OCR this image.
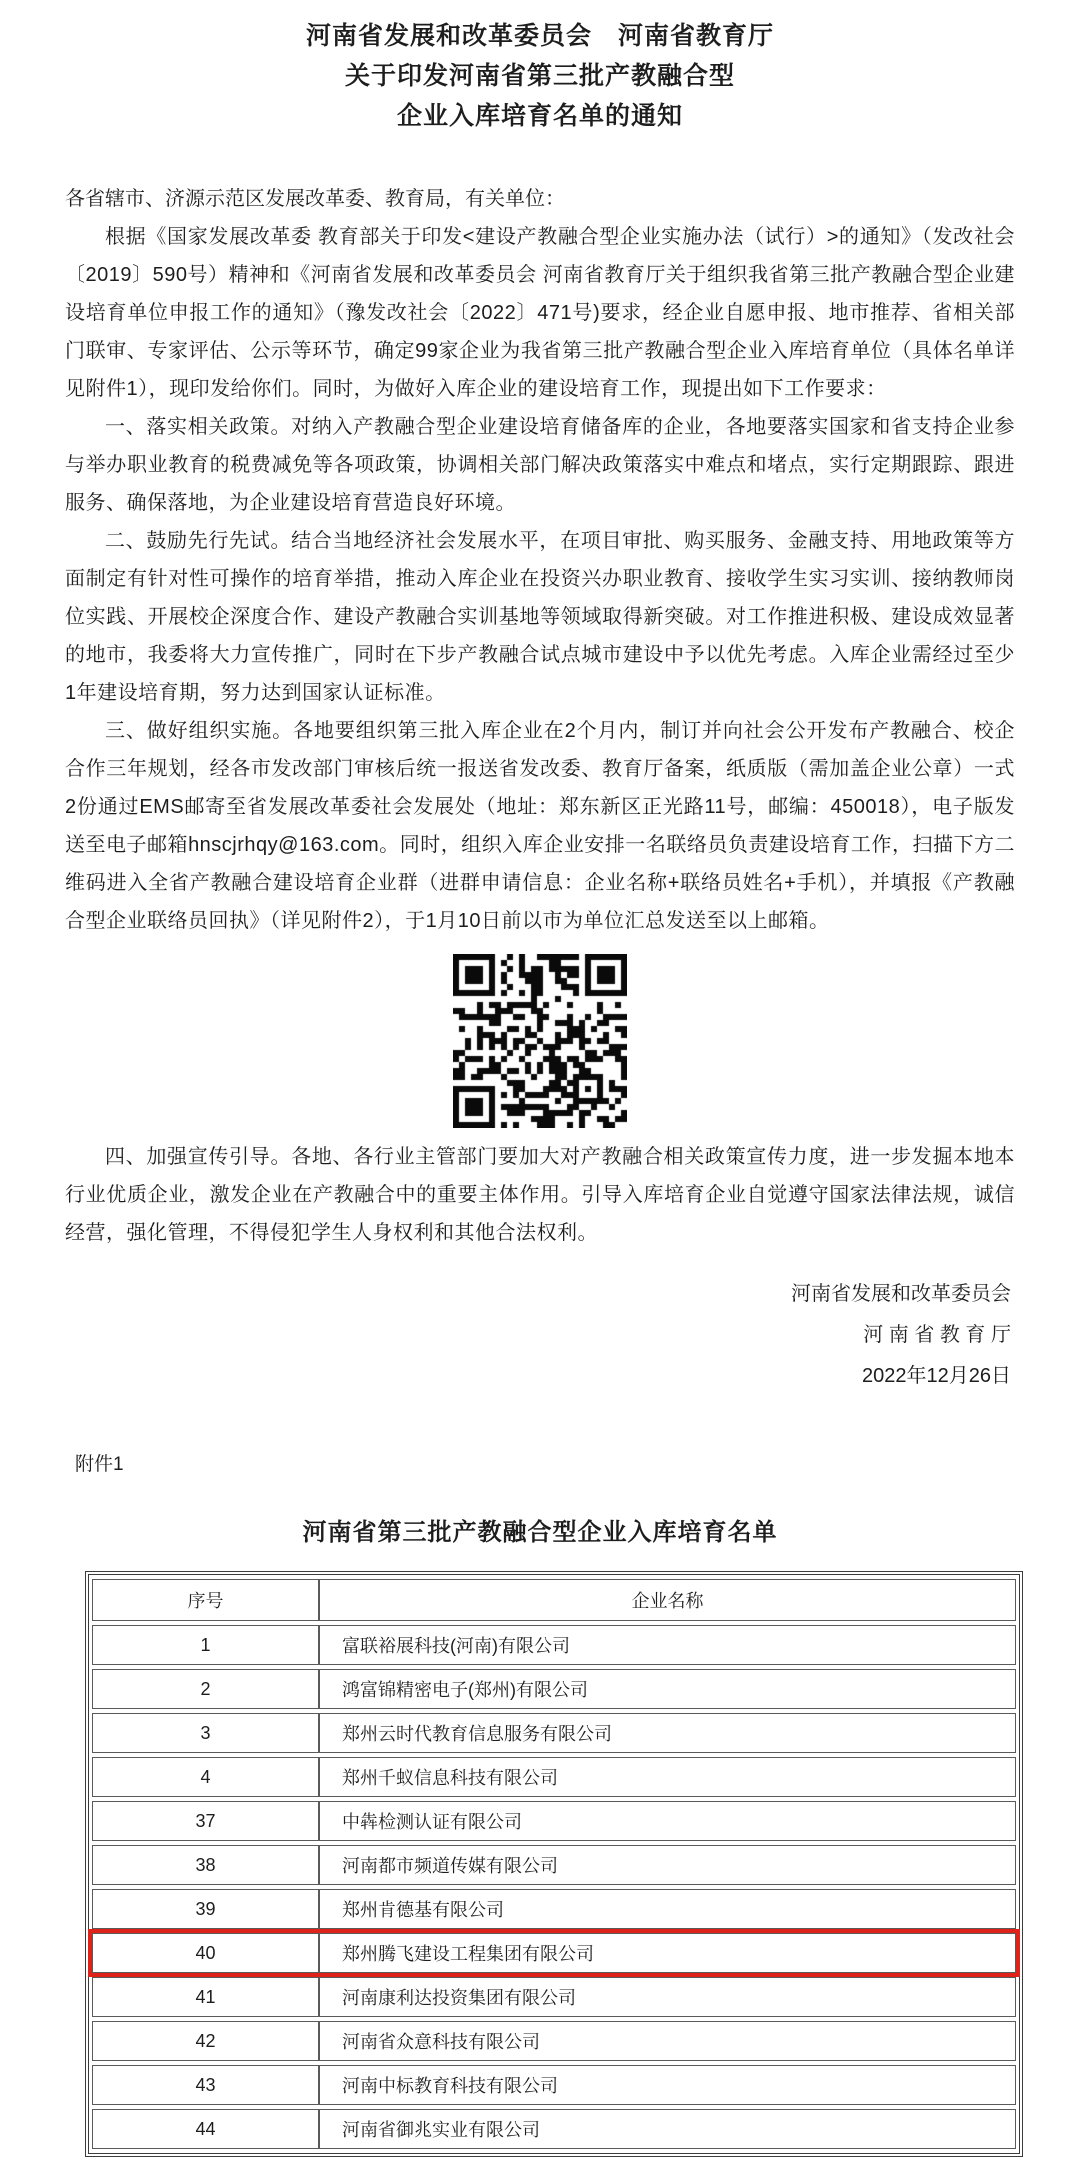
河南省发展和改革委员会　河南省教育厅
关于印发河南省第三批产教融合型
企业入库培育名单的通知
各省辖市、济源示范区发展改革委、教育局，有关单位：

根据《国家发展改革委 教育部关于印发<建设产教融合型企业实施办法（试行）>的通知》（发改社会〔2019〕590号）精神和《河南省发展和改革委员会 河南省教育厅关于组织我省第三批产教融合型企业建设培育单位申报工作的通知》（豫发改社会〔2022〕471号)要求，经企业自愿申报、地市推荐、省相关部门联审、专家评估、公示等环节，确定99家企业为我省第三批产教融合型企业入库培育单位（具体名单详见附件1），现印发给你们。同时，为做好入库企业的建设培育工作，现提出如下工作要求：

一、落实相关政策。对纳入产教融合型企业建设培育储备库的企业，各地要落实国家和省支持企业参与举办职业教育的税费减免等各项政策，协调相关部门解决政策落实中难点和堵点，实行定期跟踪、跟进服务、确保落地，为企业建设培育营造良好环境。

二、鼓励先行先试。结合当地经济社会发展水平，在项目审批、购买服务、金融支持、用地政策等方面制定有针对性可操作的培育举措，推动入库企业在投资兴办职业教育、接收学生实习实训、接纳教师岗位实践、开展校企深度合作、建设产教融合实训基地等领域取得新突破。对工作推进积极、建设成效显著的地市，我委将大力宣传推广，同时在下步产教融合试点城市建设中予以优先考虑。入库企业需经过至少1年建设培育期，努力达到国家认证标准。

三、做好组织实施。各地要组织第三批入库企业在2个月内，制订并向社会公开发布产教融合、校企合作三年规划，经各市发改部门审核后统一报送省发改委、教育厅备案，纸质版（需加盖企业公章）一式2份通过EMS邮寄至省发展改革委社会发展处（地址：郑东新区正光路11号，邮编：450018），电子版发送至电子邮箱hnscjrhqy@163.com。同时，组织入库企业安排一名联络员负责建设培育工作，扫描下方二维码进入全省产教融合建设培育企业群（进群申请信息：企业名称+联络员姓名+手机），并填报《产教融合型企业联络员回执》（详见附件2），于1月10日前以市为单位汇总发送至以上邮箱。

四、加强宣传引导。各地、各行业主管部门要加大对产教融合相关政策宣传力度，进一步发掘本地本行业优质企业，激发企业在产教融合中的重要主体作用。引导入库培育企业自觉遵守国家法律法规，诚信经营，强化管理，不得侵犯学生人身权利和其他合法权利。

河南省发展和改革委员会
河 南 省 教 育 厅
2022年12月26日
附件1
河南省第三批产教融合型企业入库培育名单
序号	企业名称
1	富联裕展科技(河南)有限公司
2	鸿富锦精密电子(郑州)有限公司
3	郑州云时代教育信息服务有限公司
4	郑州千蚁信息科技有限公司
37	中犇检测认证有限公司
38	河南都市频道传媒有限公司
39	郑州肯德基有限公司
40	郑州腾飞建设工程集团有限公司
41	河南康利达投资集团有限公司
42	河南省众意科技有限公司
43	河南中标教育科技有限公司
44	河南省御兆实业有限公司
